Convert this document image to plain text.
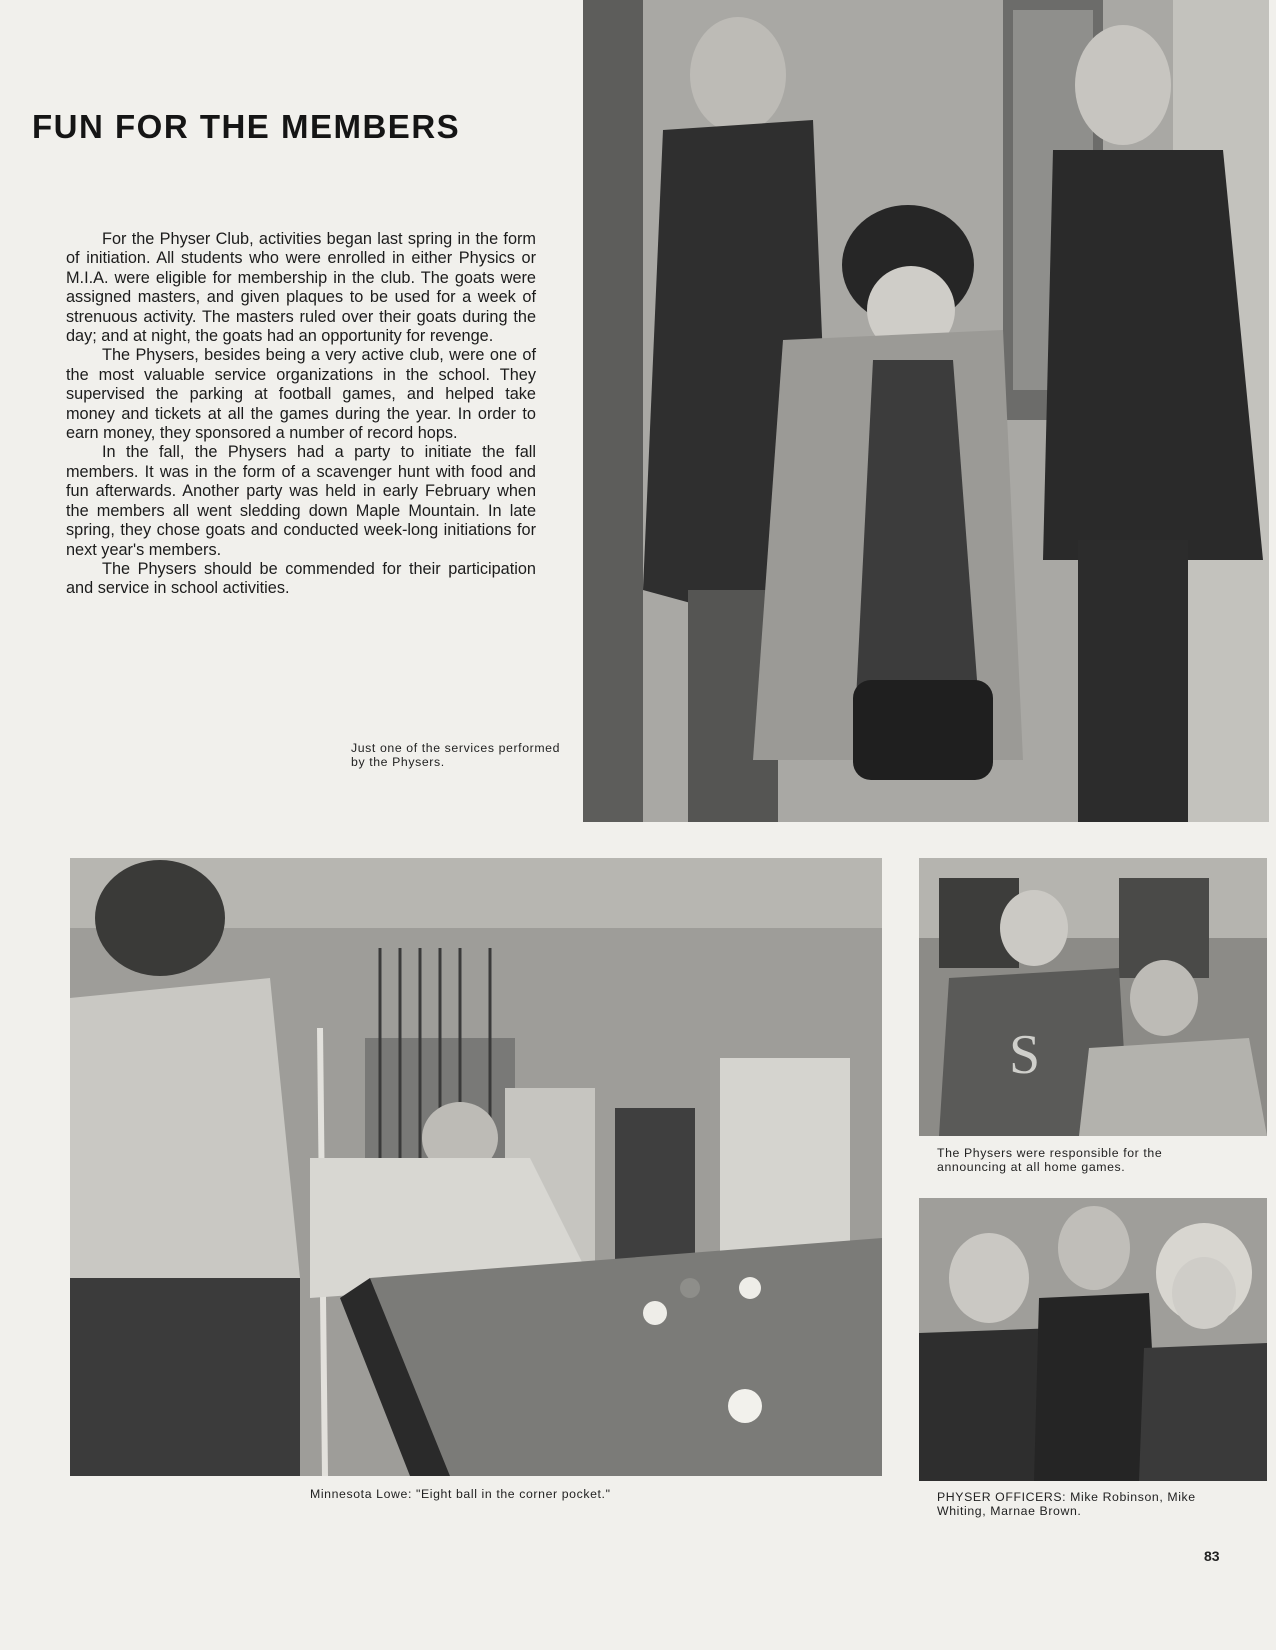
FUN FOR THE MEMBERS

For the Physer Club, activities began last spring in the form of initiation. All students who were enrolled in either Physics or M.I.A. were eligible for membership in the club. The goats were assigned masters, and given plaques to be used for a week of strenuous activity. The masters ruled over their goats during the day; and at night, the goats had an opportunity for revenge.

The Physers, besides being a very active club, were one of the most valuable service organizations in the school. They supervised the parking at football games, and helped take money and tickets at all the games during the year. In order to earn money, they sponsored a number of record hops.

In the fall, the Physers had a party to initiate the fall members. It was in the form of a scavenger hunt with food and fun afterwards. Another party was held in early February when the members all went sledding down Maple Mountain. In late spring, they chose goats and conducted week-long initiations for next year's members.

The Physers should be commended for their participation and service in school activities.

Just one of the services performed by the Physers.
Minnesota Lowe: "Eight ball in the corner pocket."
S
The Physers were responsible for the announcing at all home games.
PHYSER OFFICERS: Mike Robinson, Mike Whiting, Marnae Brown.
83
